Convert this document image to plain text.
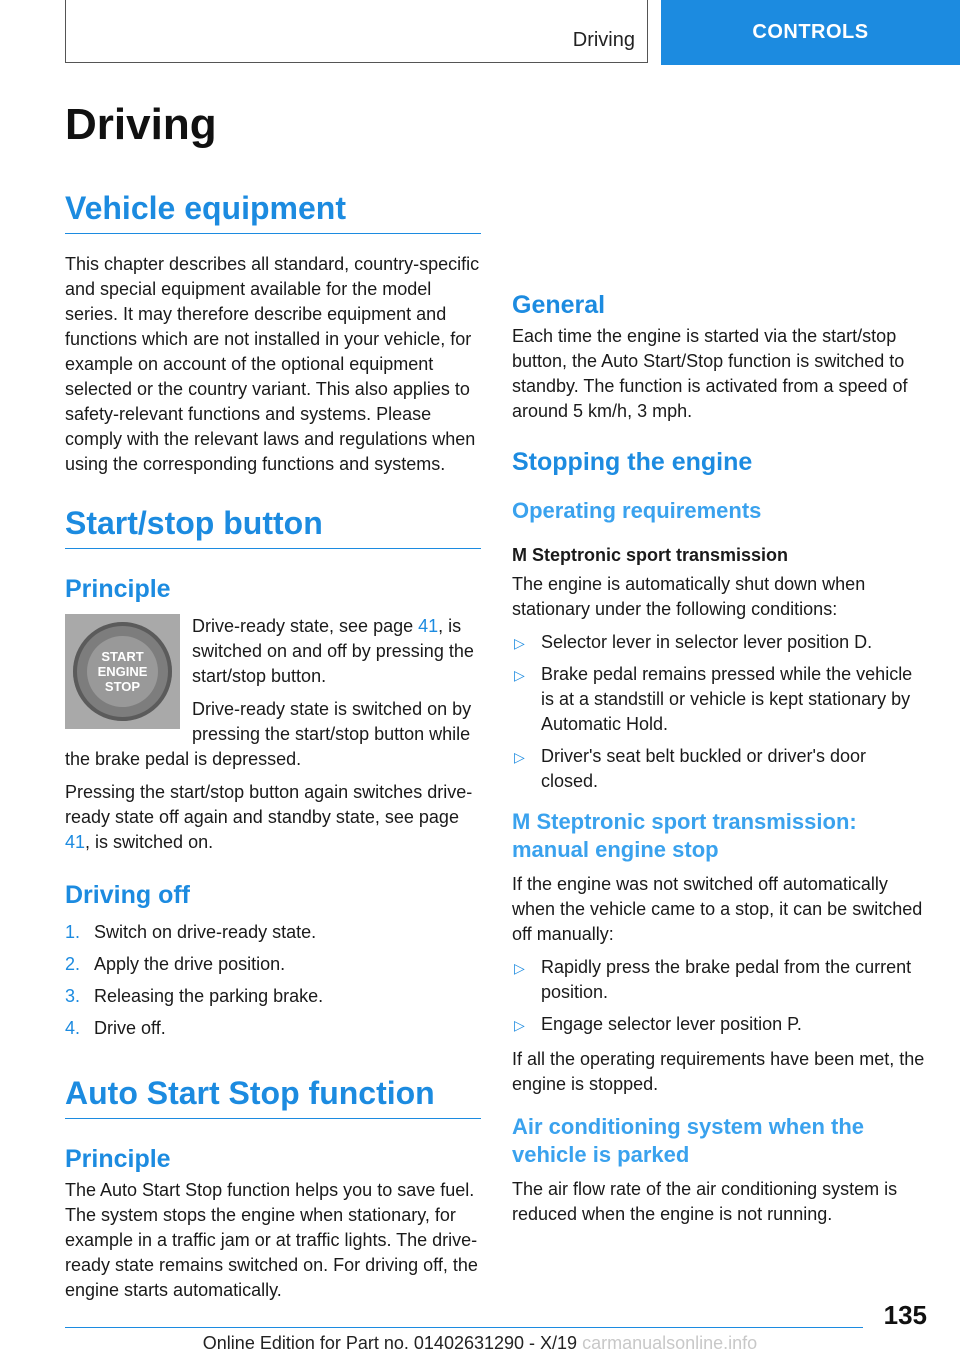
Driving	CONTROLS
Driving
Vehicle equipment

This chapter describes all standard, country-specific and special equipment available for the model series. It may therefore describe equipment and functions which are not installed in your vehicle, for example on account of the optional equipment selected or the country variant. This also applies to safety-relevant functions and systems. Please comply with the relevant laws and regulations when using the corresponding functions and systems.

Start/stop button
Principle
START
ENGINE
STOP

Drive-ready state, see page 41, is switched on and off by pressing the start/stop button.

Drive-ready state is switched on by pressing the start/stop button while the brake pedal is depressed.

Pressing the start/stop button again switches drive-ready state off again and standby state, see page 41, is switched on.

Driving off
1. Switch on drive-ready state.
2. Apply the drive position.
3. Releasing the parking brake.
4. Drive off.
Auto Start Stop function
Principle

The Auto Start Stop function helps you to save fuel. The system stops the engine when stationary, for example in a traffic jam or at traffic lights. The drive-ready state remains switched on. For driving off, the engine starts automatically.

General

Each time the engine is started via the start/stop button, the Auto Start/Stop function is switched to standby. The function is activated from a speed of around 5 km/h, 3 mph.

Stopping the engine
Operating requirements
M Steptronic sport transmission

The engine is automatically shut down when stationary under the following conditions:

▷ Selector lever in selector lever position D.
▷ Brake pedal remains pressed while the vehicle is at a standstill or vehicle is kept stationary by Automatic Hold.
▷ Driver's seat belt buckled or driver's door closed.
M Steptronic sport transmission: manual engine stop

If the engine was not switched off automatically when the vehicle came to a stop, it can be switched off manually:

▷ Rapidly press the brake pedal from the current position.
▷ Engage selector lever position P.

If all the operating requirements have been met, the engine is stopped.

Air conditioning system when the vehicle is parked

The air flow rate of the air conditioning system is reduced when the engine is not running.

135
Online Edition for Part no. 01402631290 - X/19 carmanualsonline.info
